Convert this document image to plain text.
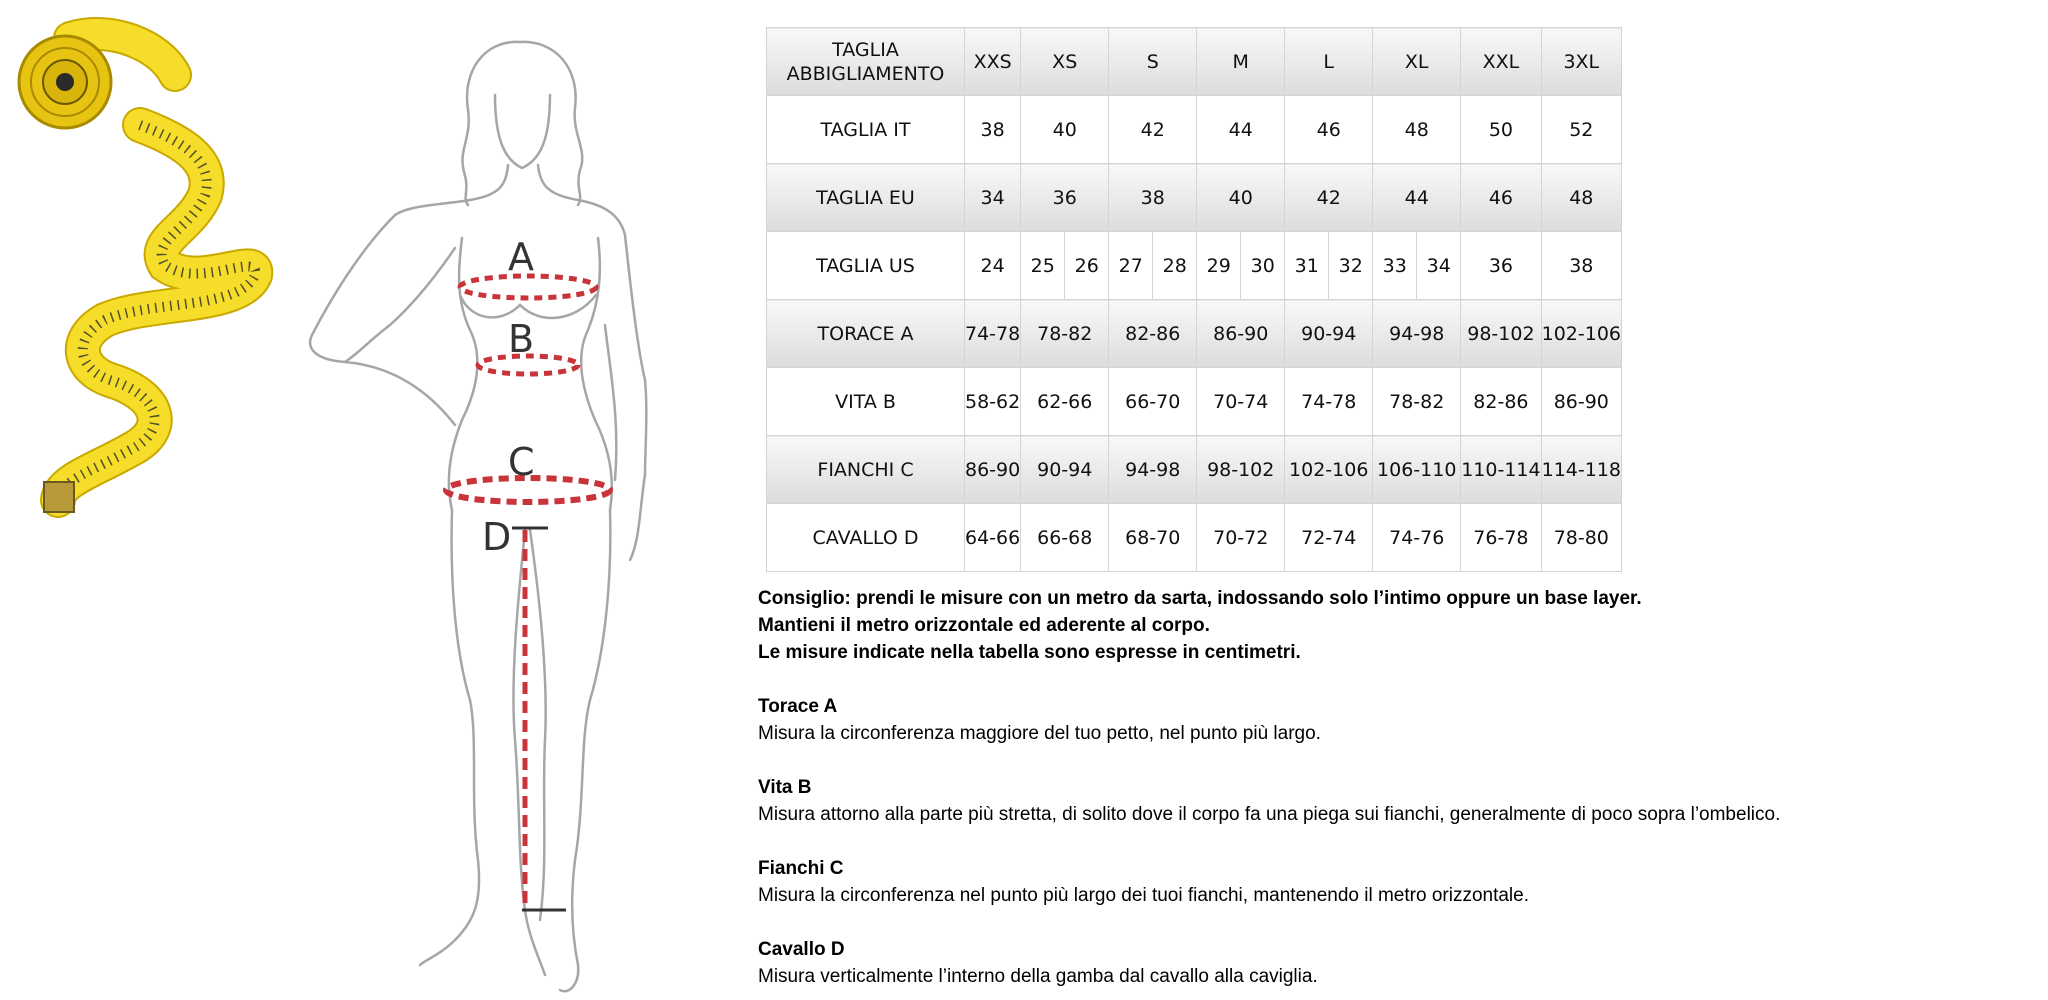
A
B
C
D
TAGLIA ABBIGLIAMENTO	XXS	XS		S		M		L		XL		XXL	3XL
TAGLIA IT	38	40		42		44		46		48		50	52
TAGLIA EU	34	36		38		40		42		44		46	48
TAGLIA US	24	25	26	27	28	29	30	31	32	33	34	36	38
TORACE A	74-78	78-82		82-86		86-90		90-94		94-98		98-102	102-106
VITA B	58-62	62-66		66-70		70-74		74-78		78-82		82-86	86-90
FIANCHI C	86-90	90-94		94-98		98-102		102-106		106-110		110-114	114-118
CAVALLO D	64-66	66-68		68-70		70-72		72-74		74-76		76-78	78-80

Consiglio: prendi le misure con un metro da sarta, indossando solo l’intimo oppure un base layer.

Mantieni il metro orizzontale ed aderente al corpo.

Le misure indicate nella tabella sono espresse in centimetri.

Torace A

Misura la circonferenza maggiore del tuo petto, nel punto più largo.

Vita B

Misura attorno alla parte più stretta, di solito dove il corpo fa una piega sui fianchi, generalmente di poco sopra l’ombelico.

Fianchi C

Misura la circonferenza nel punto più largo dei tuoi fianchi, mantenendo il metro orizzontale.

Cavallo D

Misura verticalmente l’interno della gamba dal cavallo alla caviglia.
